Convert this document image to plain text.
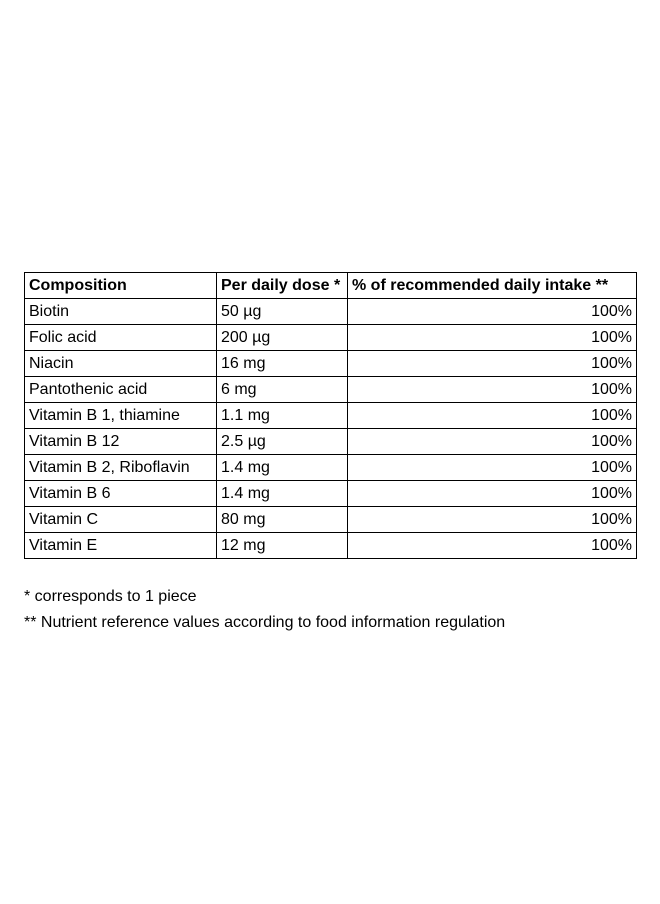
Composition	Per daily dose *	% of recommended daily intake **
Biotin	50 µg	100%
Folic acid	200 µg	100%
Niacin	16 mg	100%
Pantothenic acid	6 mg	100%
Vitamin B 1, thiamine	1.1 mg	100%
Vitamin B 12	2.5 µg	100%
Vitamin B 2, Riboflavin	1.4 mg	100%
Vitamin B 6	1.4 mg	100%
Vitamin C	80 mg	100%
Vitamin E	12 mg	100%
* corresponds to 1 piece
** Nutrient reference values according to food information regulation
